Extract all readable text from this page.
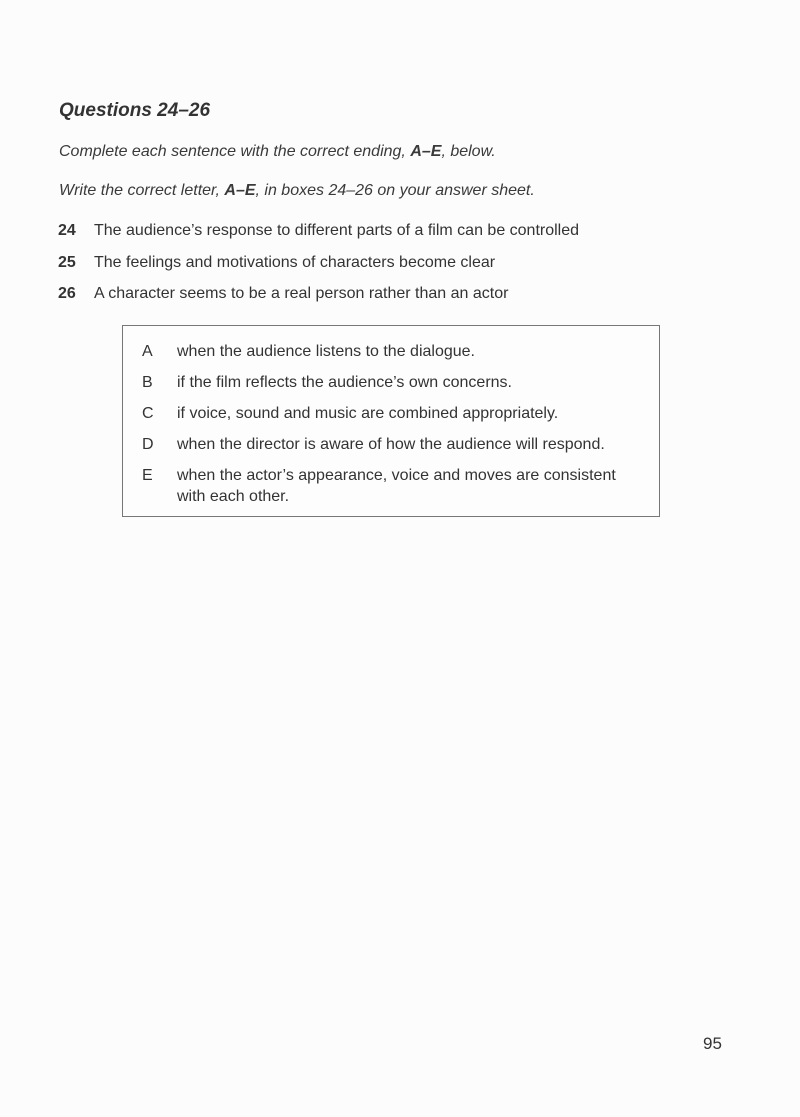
Questions 24–26

Complete each sentence with the correct ending, A–E, below.

Write the correct letter, A–E, in boxes 24–26 on your answer sheet.

24 The audience’s response to different parts of a film can be controlled
25 The feelings and motivations of characters become clear
26 A character seems to be a real person rather than an actor
A	when the audience listens to the dialogue.
B	if the film reflects the audience’s own concerns.
C	if voice, sound and music are combined appropriately.
D	when the director is aware of how the audience will respond.
E	when the actor’s appearance, voice and moves are consistent with each other.
95
